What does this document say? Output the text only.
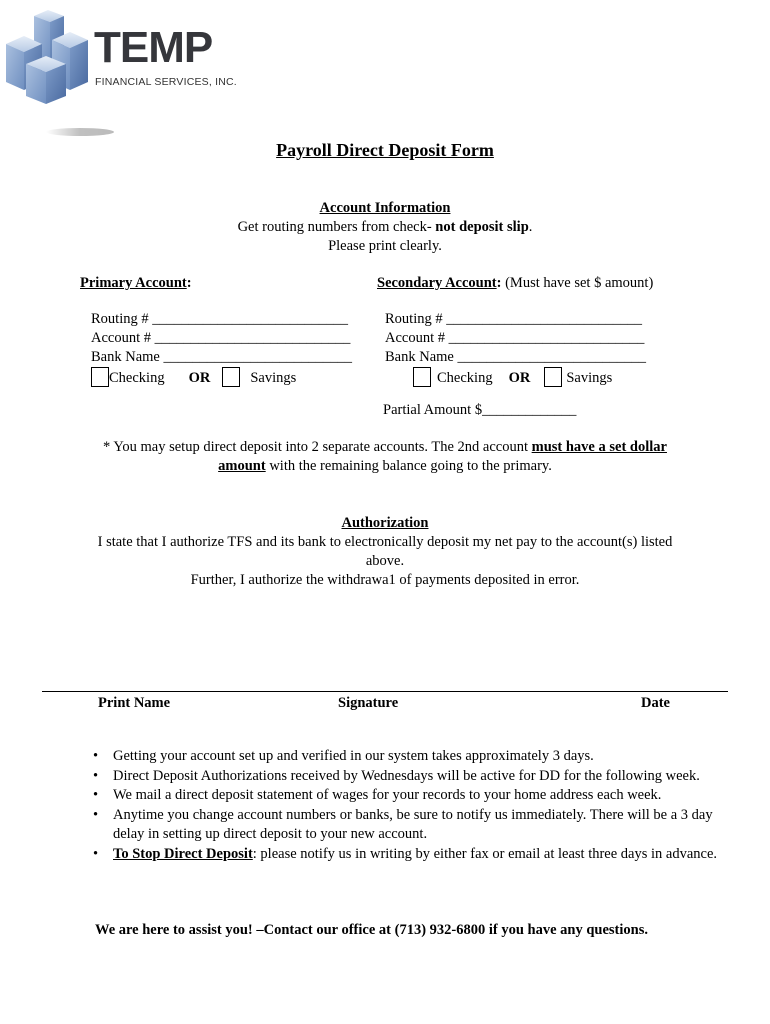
TEMP
FINANCIAL SERVICES, INC.
Payroll Direct Deposit Form
Account Information
Get routing numbers from check- not deposit slip.
Please print clearly.
Primary Account:
Routing # ___________________________
Account # ___________________________
Bank Name __________________________
Checking OR	Savings
Secondary Account: (Must have set $ amount)
Routing # ___________________________
Account # ___________________________
Bank Name __________________________
Checking OR Savings
Partial Amount $_____________
* You may setup direct deposit into 2 separate accounts. The 2nd account must have a set dollar
amount with the remaining balance going to the primary.
Authorization
I state that I authorize TFS and its bank to electronically deposit my net pay to the account(s) listed
above.
Further, I authorize the withdrawa1 of payments deposited in error.
Print Name	Signature	Date
• Getting your account set up and verified in our system takes approximately 3 days.
• Direct Deposit Authorizations received by Wednesdays will be active for DD for the following week.
• We mail a direct deposit statement of wages for your records to your home address each week.
• Anytime you change account numbers or banks, be sure to notify us immediately. There will be a 3 day delay in setting up direct deposit to your new account.
• To Stop Direct Deposit: please notify us in writing by either fax or email at least three days in advance.
We are here to assist you! –Contact our office at (713) 932-6800 if you have any questions.
